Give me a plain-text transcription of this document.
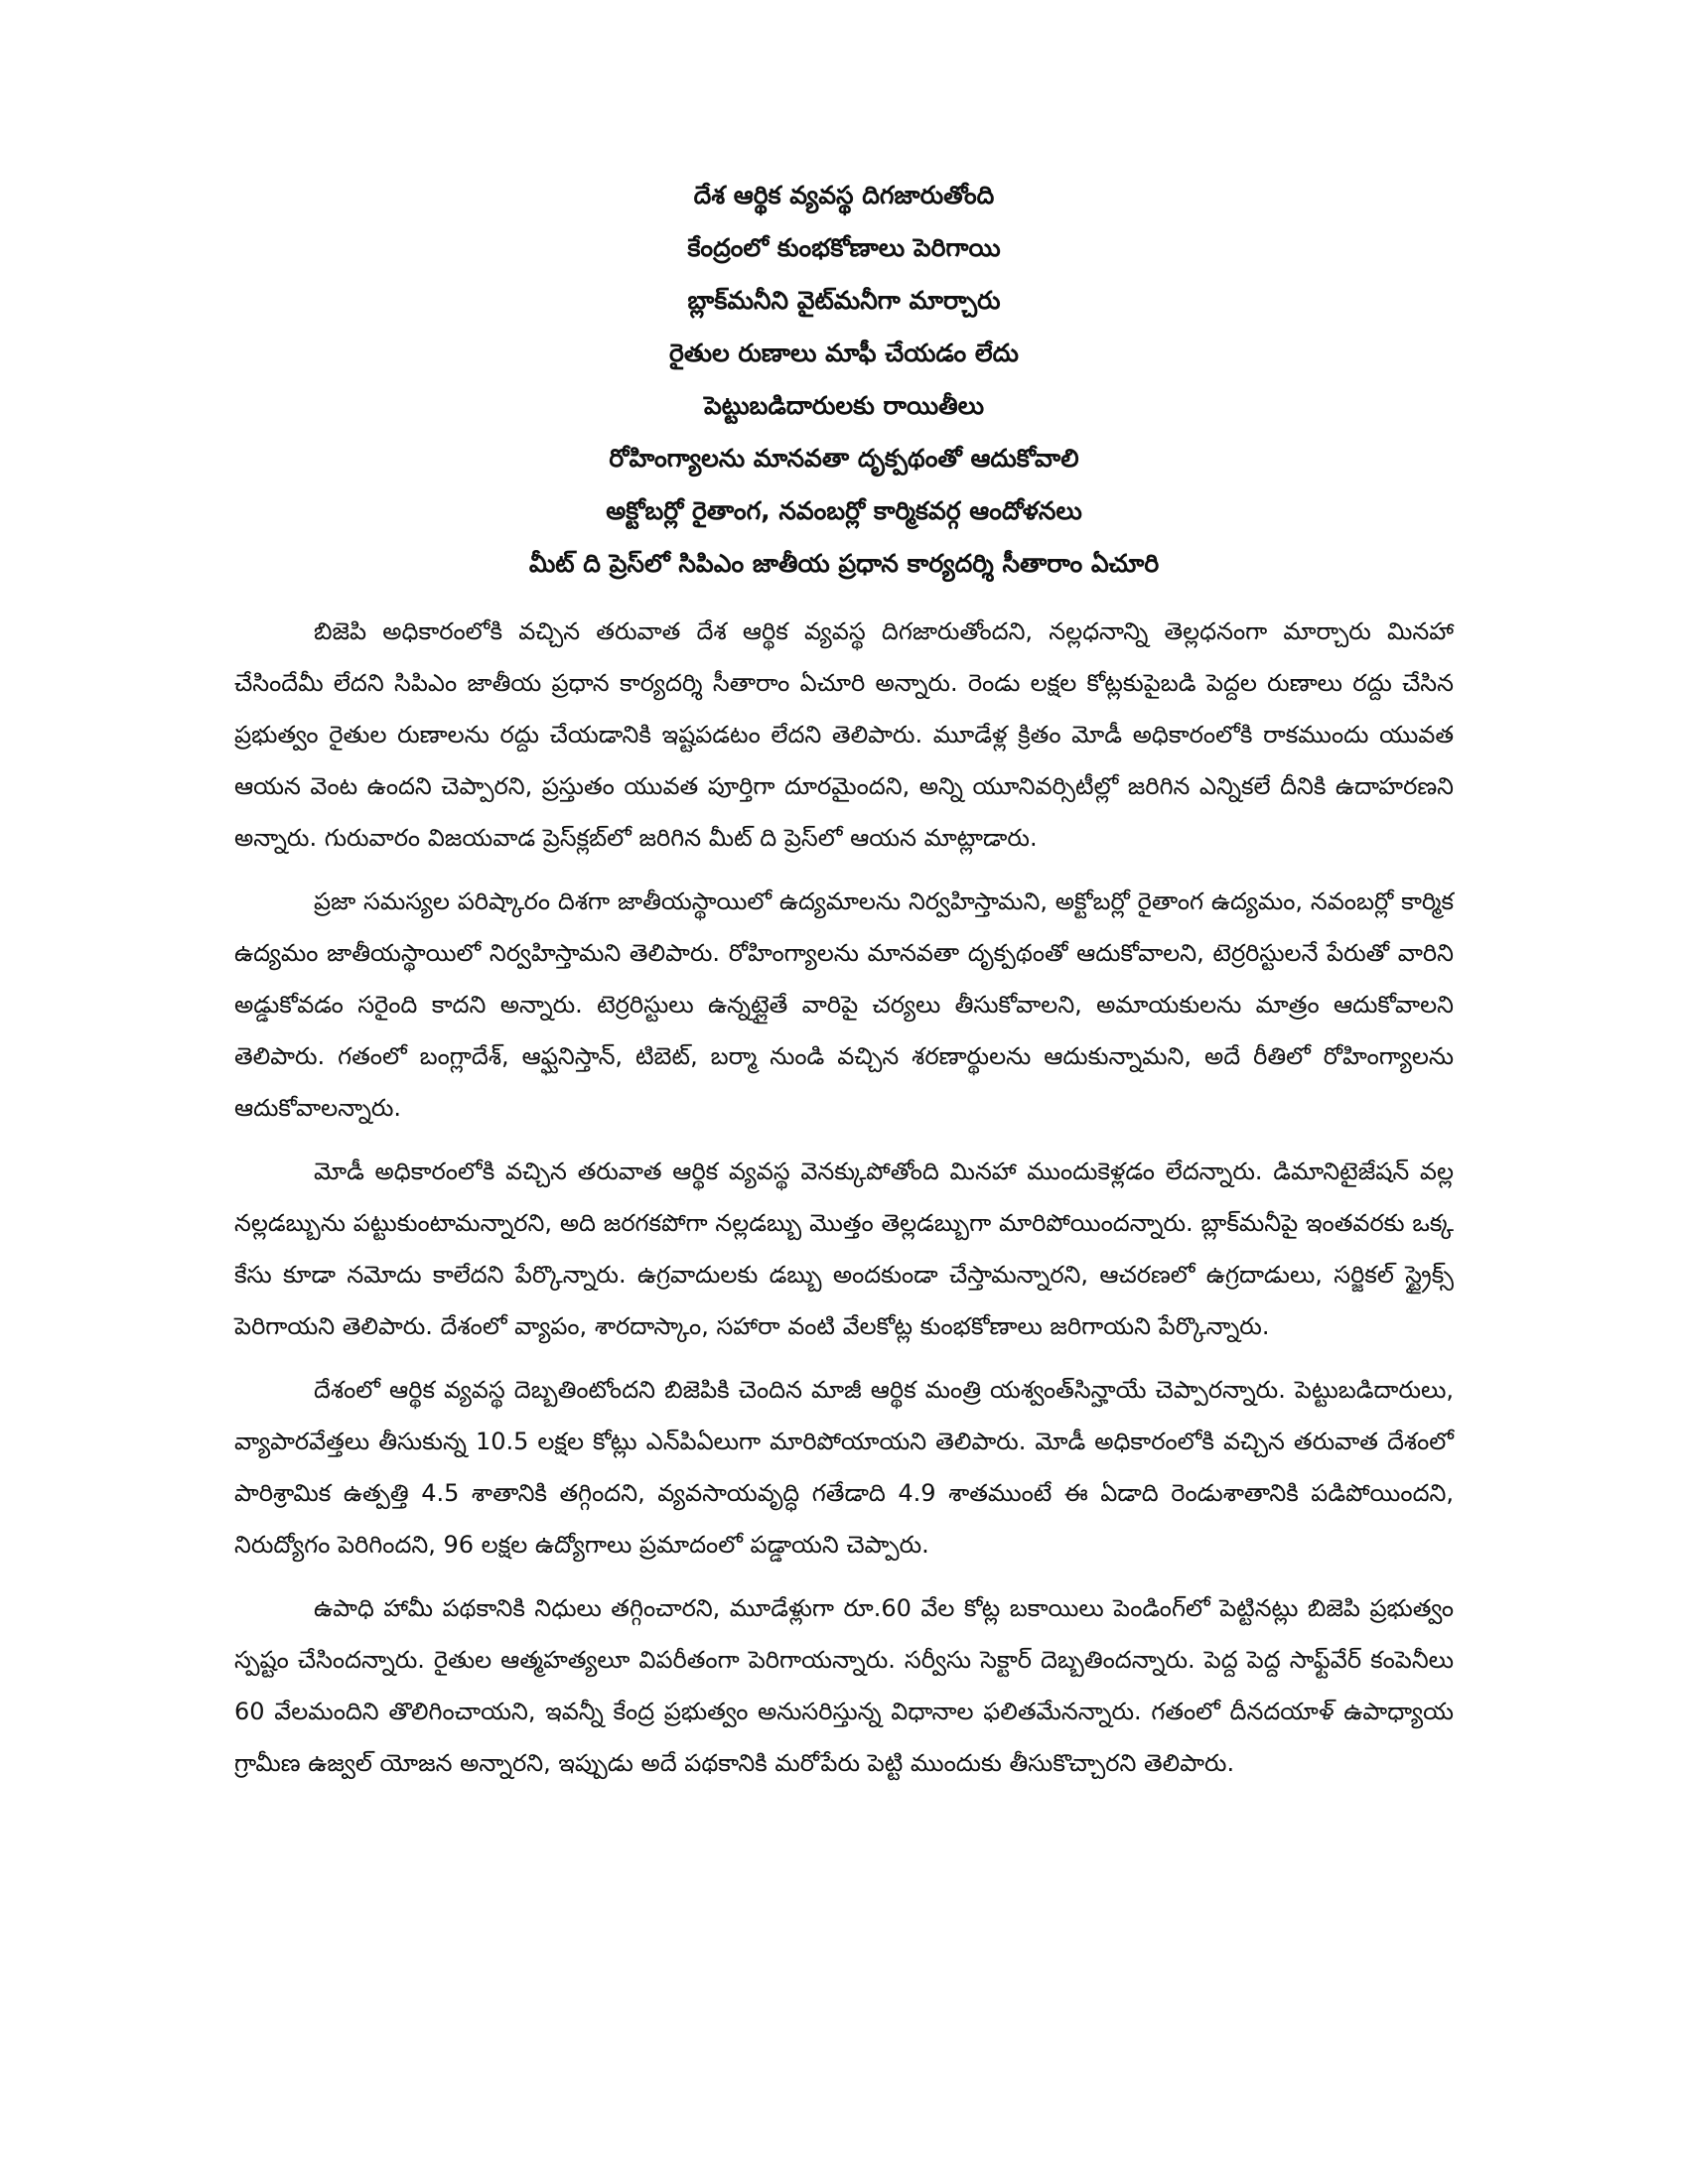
దేశ ఆర్థిక వ్యవస్థ దిగజారుతోంది
కేంద్రంలో కుంభకోణాలు పెరిగాయి
బ్లాక్‌మనీని వైట్‌మనీగా మార్చారు
రైతుల రుణాలు మాఫీ చేయడం లేదు
పెట్టుబడిదారులకు రాయితీలు
రోహింగ్యాలను మానవతా దృక్పథంతో ఆదుకోవాలి
అక్టోబర్లో రైతాంగ, నవంబర్లో కార్మికవర్గ ఆందోళనలు
మీట్ ది ప్రెస్‌లో సిపిఎం జాతీయ ప్రధాన కార్యదర్శి సీతారాం ఏచూరి

బిజెపి అధికారంలోకి వచ్చిన తరువాత దేశ ఆర్థిక వ్యవస్థ దిగజారుతోందని, నల్లధనాన్ని తెల్లధనంగా మార్చారు మినహా చేసిందేమీ లేదని సిపిఎం జాతీయ ప్రధాన కార్యదర్శి సీతారాం ఏచూరి అన్నారు. రెండు లక్షల కోట్లకుపైబడి పెద్దల రుణాలు రద్దు చేసిన ప్రభుత్వం రైతుల రుణాలను రద్దు చేయడానికి ఇష్టపడటం లేదని తెలిపారు. మూడేళ్ల క్రితం మోడీ అధికారంలోకి రాకముందు యువత ఆయన వెంట ఉందని చెప్పారని, ప్రస్తుతం యువత పూర్తిగా దూరమైందని, అన్ని యూనివర్సిటీల్లో జరిగిన ఎన్నికలే దీనికి ఉదాహరణని అన్నారు. గురువారం విజయవాడ ప్రెస్‌క్లబ్‌లో జరిగిన మీట్ ది ప్రెస్‌లో ఆయన మాట్లాడారు.

ప్రజా సమస్యల పరిష్కారం దిశగా జాతీయస్థాయిలో ఉద్యమాలను నిర్వహిస్తామని, అక్టోబర్లో రైతాంగ ఉద్యమం, నవంబర్లో కార్మిక ఉద్యమం జాతీయస్థాయిలో నిర్వహిస్తామని తెలిపారు. రోహింగ్యాలను మానవతా దృక్పథంతో ఆదుకోవాలని, టెర్రరిస్టులనే పేరుతో వారిని అడ్డుకోవడం సరైంది కాదని అన్నారు. టెర్రరిస్టులు ఉన్నట్లైతే వారిపై చర్యలు తీసుకోవాలని, అమాయకులను మాత్రం ఆదుకోవాలని తెలిపారు. గతంలో బంగ్లాదేశ్, ఆఫ్ఘనిస్తాన్, టిబెట్, బర్మా నుండి వచ్చిన శరణార్థులను ఆదుకున్నామని, అదే రీతిలో రోహింగ్యాలను ఆదుకోవాలన్నారు.

మోడీ అధికారంలోకి వచ్చిన తరువాత ఆర్థిక వ్యవస్థ వెనక్కుపోతోంది మినహా ముందుకెళ్లడం లేదన్నారు. డిమానిటైజేషన్ వల్ల నల్లడబ్బును పట్టుకుంటామన్నారని, అది జరగకపోగా నల్లడబ్బు మొత్తం తెల్లడబ్బుగా మారిపోయిందన్నారు. బ్లాక్‌మనీపై ఇంతవరకు ఒక్క కేసు కూడా నమోదు కాలేదని పేర్కొన్నారు. ఉగ్రవాదులకు డబ్బు అందకుండా చేస్తామన్నారని, ఆచరణలో ఉగ్రదాడులు, సర్జికల్ స్ట్రైక్స్ పెరిగాయని తెలిపారు. దేశంలో వ్యాపం, శారదాస్కాం, సహారా వంటి వేలకోట్ల కుంభకోణాలు జరిగాయని పేర్కొన్నారు.

దేశంలో ఆర్థిక వ్యవస్థ దెబ్బతింటోందని బిజెపికి చెందిన మాజీ ఆర్థిక మంత్రి యశ్వంత్‌సిన్హాయే చెప్పారన్నారు. పెట్టుబడిదారులు, వ్యాపారవేత్తలు తీసుకున్న 10.5 లక్షల కోట్లు ఎన్‌పిఏలుగా మారిపోయాయని తెలిపారు. మోడీ అధికారంలోకి వచ్చిన తరువాత దేశంలో పారిశ్రామిక ఉత్పత్తి 4.5 శాతానికి తగ్గిందని, వ్యవసాయవృద్ధి గతేడాది 4.9 శాతముంటే ఈ ఏడాది రెండుశాతానికి పడిపోయిందని, నిరుద్యోగం పెరిగిందని, 96 లక్షల ఉద్యోగాలు ప్రమాదంలో పడ్డాయని చెప్పారు.

ఉపాధి హామీ పథకానికి నిధులు తగ్గించారని, మూడేళ్లుగా రూ.60 వేల కోట్ల బకాయిలు పెండింగ్‌లో పెట్టినట్లు బిజెపి ప్రభుత్వం స్పష్టం చేసిందన్నారు. రైతుల ఆత్మహత్యలూ విపరీతంగా పెరిగాయన్నారు. సర్వీసు సెక్టార్ దెబ్బతిందన్నారు. పెద్ద పెద్ద సాఫ్ట్‌వేర్ కంపెనీలు 60 వేలమందిని తొలిగించాయని, ఇవన్నీ కేంద్ర ప్రభుత్వం అనుసరిస్తున్న విధానాల ఫలితమేనన్నారు. గతంలో దీనదయాళ్ ఉపాధ్యాయ గ్రామీణ ఉజ్వల్ యోజన అన్నారని, ఇప్పుడు అదే పథకానికి మరోపేరు పెట్టి ముందుకు తీసుకొచ్చారని తెలిపారు.
